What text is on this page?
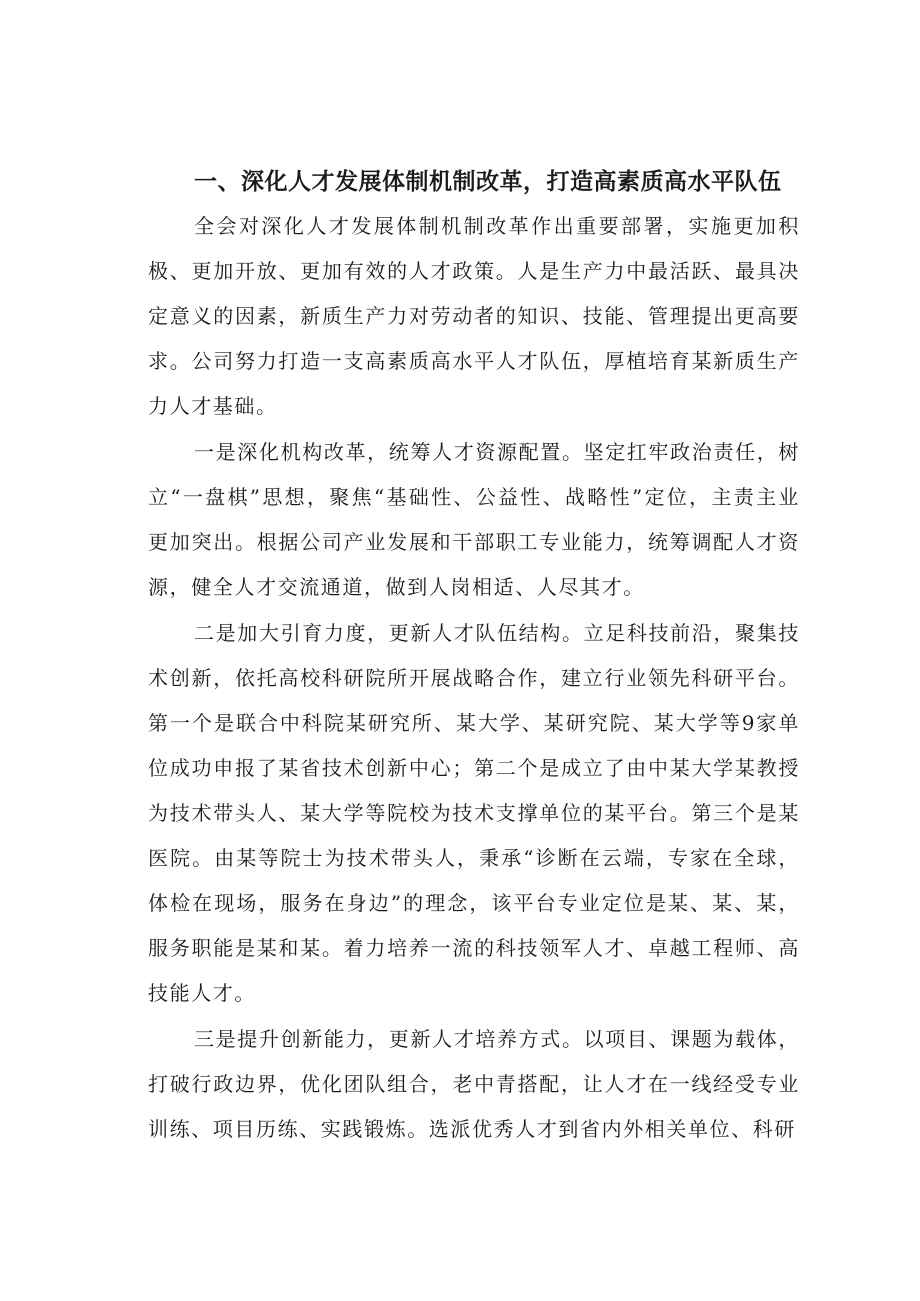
一、深化人才发展体制机制改革，打造高素质高水平队伍

全会对深化人才发展体制机制改革作出重要部署，实施更加积极、更加开放、更加有效的人才政策。人是生产力中最活跃、最具决定意义的因素，新质生产力对劳动者的知识、技能、管理提出更高要求。公司努力打造一支高素质高水平人才队伍，厚植培育某新质生产力人才基础。

一是深化机构改革，统筹人才资源配置。坚定扛牢政治责任，树立“一盘棋”思想，聚焦“基础性、公益性、战略性”定位，主责主业更加突出。根据公司产业发展和干部职工专业能力，统筹调配人才资源，健全人才交流通道，做到人岗相适、人尽其才。

二是加大引育力度，更新人才队伍结构。立足科技前沿，聚集技术创新，依托高校科研院所开展战略合作，建立行业领先科研平台。第一个是联合中科院某研究所、某大学、某研究院、某大学等9家单位成功申报了某省技术创新中心；第二个是成立了由中某大学某教授为技术带头人、某大学等院校为技术支撑单位的某平台。第三个是某医院。由某等院士为技术带头人，秉承“诊断在云端，专家在全球，体检在现场，服务在身边”的理念，该平台专业定位是某、某、某，服务职能是某和某。着力培养一流的科技领军人才、卓越工程师、高技能人才。

三是提升创新能力，更新人才培养方式。以项目、课题为载体，打破行政边界，优化团队组合，老中青搭配，让人才在一线经受专业训练、项目历练、实践锻炼。选派优秀人才到省内外相关单位、科研
